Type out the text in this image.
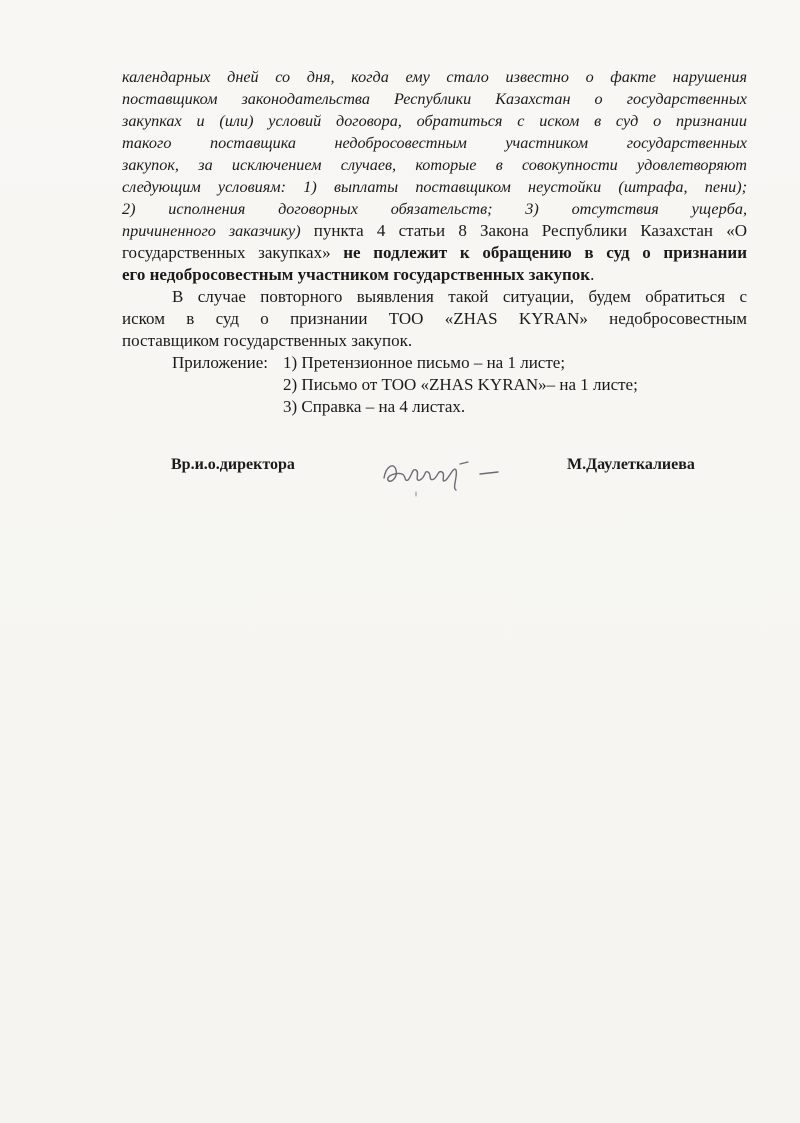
календарных дней со дня, когда ему стало известно о факте нарушения
поставщиком законодательства Республики Казахстан о государственных
закупках и (или) условий договора, обратиться с иском в суд о признании
такого поставщика недобросовестным участником государственных
закупок, за исключением случаев, которые в совокупности удовлетворяют
следующим условиям: 1) выплаты поставщиком неустойки (штрафа, пени);
2) исполнения договорных обязательств; 3) отсутствия ущерба,
причиненного заказчику) пункта 4 статьи 8 Закона Республики Казахстан «О
государственных закупках» не подлежит к обращению в суд о признании
его недобросовестным участником государственных закупок.
В случае повторного выявления такой ситуации, будем обратиться с
иском в суд о признании ТОО «ZHAS KYRAN» недобросовестным
поставщиком государственных закупок.
Приложение: 1) Претензионное письмо – на 1 листе;
2) Письмо от ТОО «ZHAS KYRAN»– на 1 листе;
3) Справка – на 4 листах.
Вр.и.о.директора	М.Даулеткалиева
